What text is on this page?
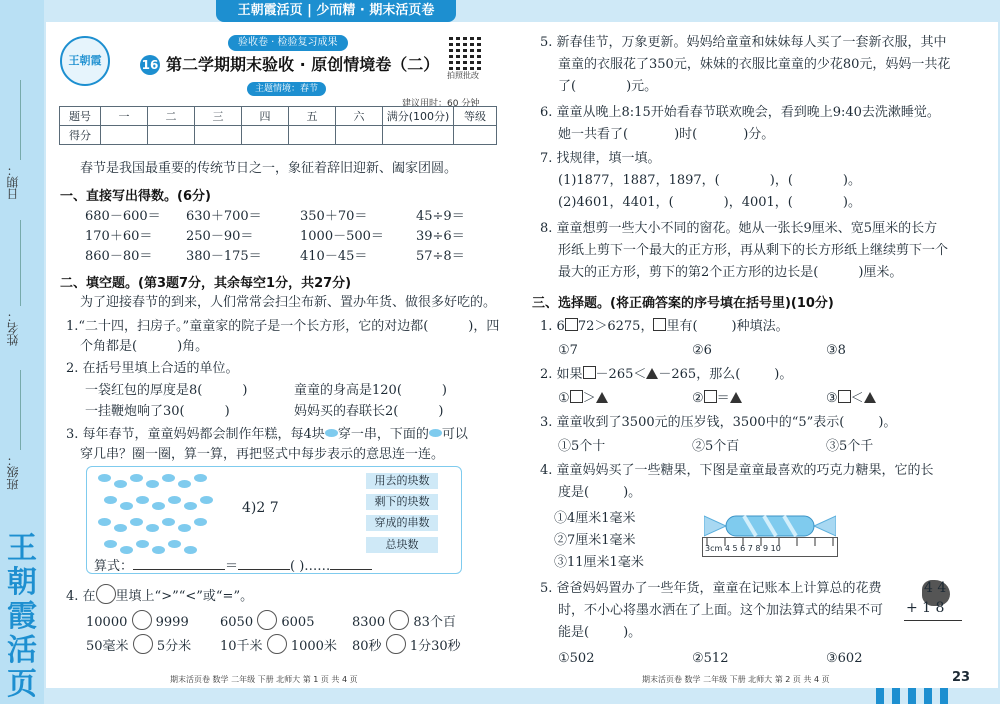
日期：
姓名：
班级：
王朝霞活页
王朝霞活页 | 少而精 · 期末活页卷
验收卷 · 检验复习成果
王朝霞	16 第二学期期末验收 · 原创情境卷（二）
主题情境：春节
拍照批改
建议用时：60 分钟
题号	一	二	三	四	五	六	满分(100分)	等级
得分								
春节是我国最重要的传统节日之一，象征着辞旧迎新、阖家团圆。
一、直接写出得数。(6分)
680－600＝ 630＋700＝	350＋70＝	45÷9＝
170＋60＝	250－90＝	1000－500＝ 39÷6＝
860－80＝	380－175＝	410－45＝	57÷8＝
二、填空题。(第3题7分，其余每空1分，共27分)
为了迎接春节的到来，人们常常会扫尘布新、置办年货、做很多好吃的。
1.“二十四，扫房子。”童童家的院子是一个长方形，它的对边都(	)，四
个角都是(	)角。
2. 在括号里填上合适的单位。
一袋红包的厚度是8(	)	童童的身高是120(	)
一挂鞭炮响了30(	)	妈妈买的春联长2(	)
3. 每年春节，童童妈妈都会制作年糕，每4块 穿一串，下面的 可以
穿几串？圈一圈，算一算，再把竖式中每步表示的意思连一连。
4)2 7
用去的块数
剩下的块数
穿成的串数
总块数
算式：	＝	( )……
4. 在 里填上“>”“<”或“=”。
10000 9999 6050 6005	8300 83个百
50毫米 5分米 10千米 1000米 80秒 1分30秒
期末活页卷 数学 二年级 下册 北师大 第 1 页 共 4 页
5. 新春佳节，万象更新。妈妈给童童和妹妹每人买了一套新衣服，其中
童童的衣服花了350元，妹妹的衣服比童童的少花80元，妈妈一共花
了(	)元。
6. 童童从晚上8:15开始看春节联欢晚会，看到晚上9:40去洗漱睡觉。
她一共看了(	)时(	)分。
7. 找规律，填一填。
(1)1877，1887，1897，(	)，(	)。
(2)4601，4401，(	)，4001，(	)。
8. 童童想剪一些大小不同的窗花。她从一张长9厘米、宽5厘米的长方
形纸上剪下一个最大的正方形，再从剩下的长方形纸上继续剪下一个
最大的正方形，剪下的第2个正方形的边长是(	)厘米。
三、选择题。(将正确答案的序号填在括号里)(10分)
1. 6 72＞6275， 里有(	)种填法。
①7	②6	③8
2. 如果 －265＜ －265，那么(	)。
① ＞	② ＝	③ ＜
3. 童童收到了3500元的压岁钱，3500中的“5”表示(	)。
①5个十	②5个百	③5个千
4. 童童妈妈买了一些糖果，下图是童童最喜欢的巧克力糖果，它的长
度是(	)。
①4厘米1毫米
②7厘米1毫米
③11厘米1毫米
3cm 4 5 6 7 8 9 10
5. 爸爸妈妈置办了一些年货，童童在记账本上计算总的花费
时，不小心将墨水洒在了上面。这个加法算式的结果不可
能是(	)。
4 4
+ 1 8
①502	②512	③602
期末活页卷 数学 二年级 下册 北师大 第 2 页 共 4 页	23
